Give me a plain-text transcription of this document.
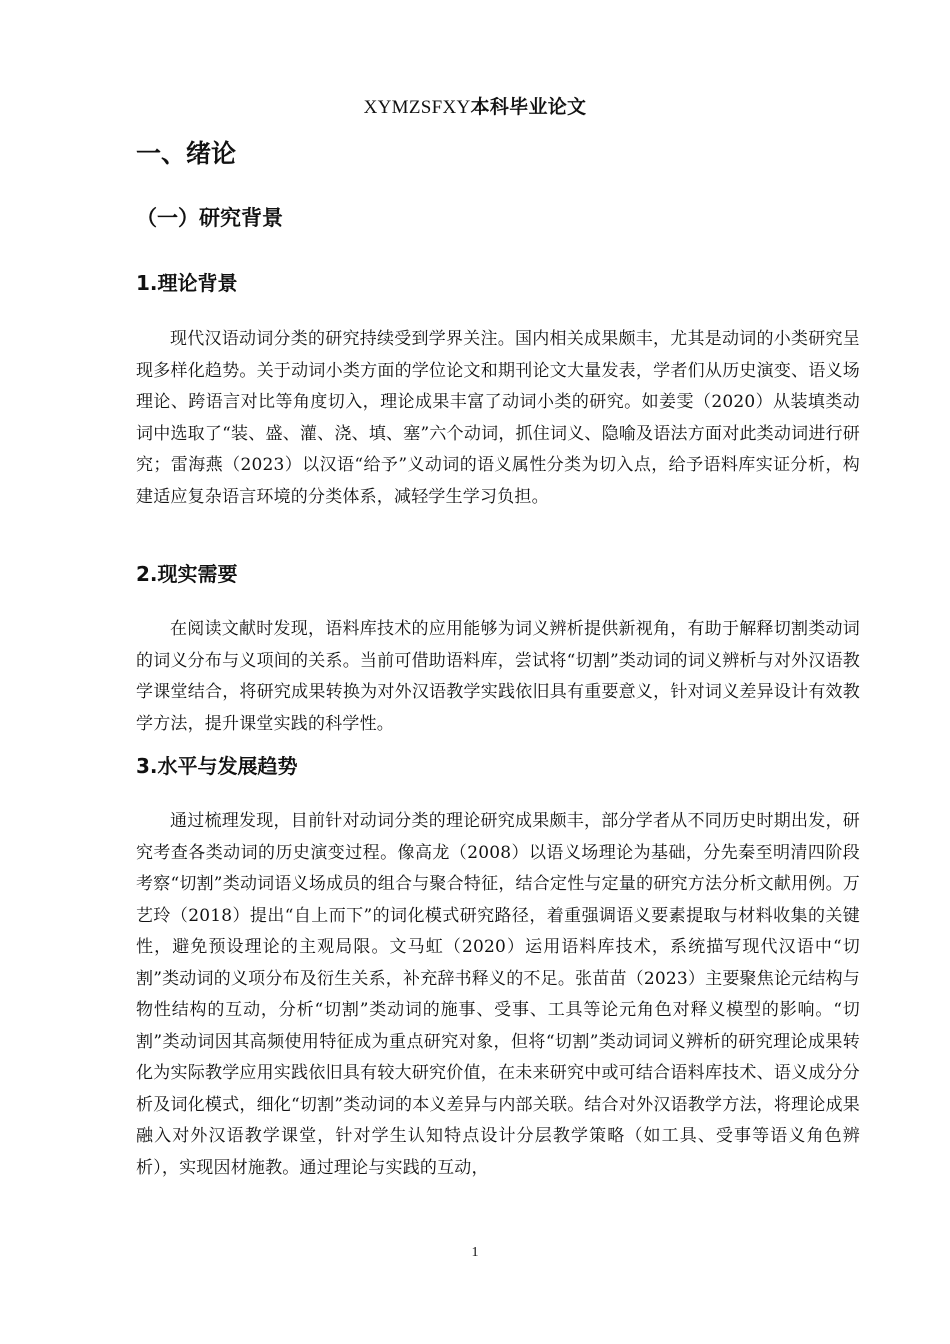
XYMZSFXY本科毕业论文
一、绪论
（一）研究背景
1.理论背景

现代汉语动词分类的研究持续受到学界关注。国内相关成果颇丰，尤其是动词的小类研究呈现多样化趋势。关于动词小类方面的学位论文和期刊论文大量发表，学者们从历史演变、语义场理论、跨语言对比等角度切入，理论成果丰富了动词小类的研究。如姜雯（2020）从装填类动词中选取了“装、盛、灌、浇、填、塞”六个动词，抓住词义、隐喻及语法方面对此类动词进行研究；雷海燕（2023）以汉语“给予”义动词的语义属性分类为切入点，给予语料库实证分析，构建适应复杂语言环境的分类体系，减轻学生学习负担。

2.现实需要

在阅读文献时发现，语料库技术的应用能够为词义辨析提供新视角，有助于解释切割类动词的词义分布与义项间的关系。当前可借助语料库，尝试将“切割”类动词的词义辨析与对外汉语教学课堂结合，将研究成果转换为对外汉语教学实践依旧具有重要意义，针对词义差异设计有效教学方法，提升课堂实践的科学性。

3.水平与发展趋势

通过梳理发现，目前针对动词分类的理论研究成果颇丰，部分学者从不同历史时期出发，研究考查各类动词的历史演变过程。像高龙（2008）以语义场理论为基础，分先秦至明清四阶段考察“切割”类动词语义场成员的组合与聚合特征，结合定性与定量的研究方法分析文献用例。万艺玲（2018）提出“自上而下”的词化模式研究路径，着重强调语义要素提取与材料收集的关键性，避免预设理论的主观局限。文马虹（2020）运用语料库技术，系统描写现代汉语中“切割”类动词的义项分布及衍生关系，补充辞书释义的不足。张苗苗（2023）主要聚焦论元结构与物性结构的互动，分析“切割”类动词的施事、受事、工具等论元角色对释义模型的影响。“切割”类动词因其高频使用特征成为重点研究对象，但将“切割”类动词词义辨析的研究理论成果转化为实际教学应用实践依旧具有较大研究价值，在未来研究中或可结合语料库技术、语义成分分析及词化模式，细化“切割”类动词的本义差异与内部关联。结合对外汉语教学方法，将理论成果融入对外汉语教学课堂，针对学生认知特点设计分层教学策略（如工具、受事等语义角色辨析），实现因材施教。通过理论与实践的互动，

1
